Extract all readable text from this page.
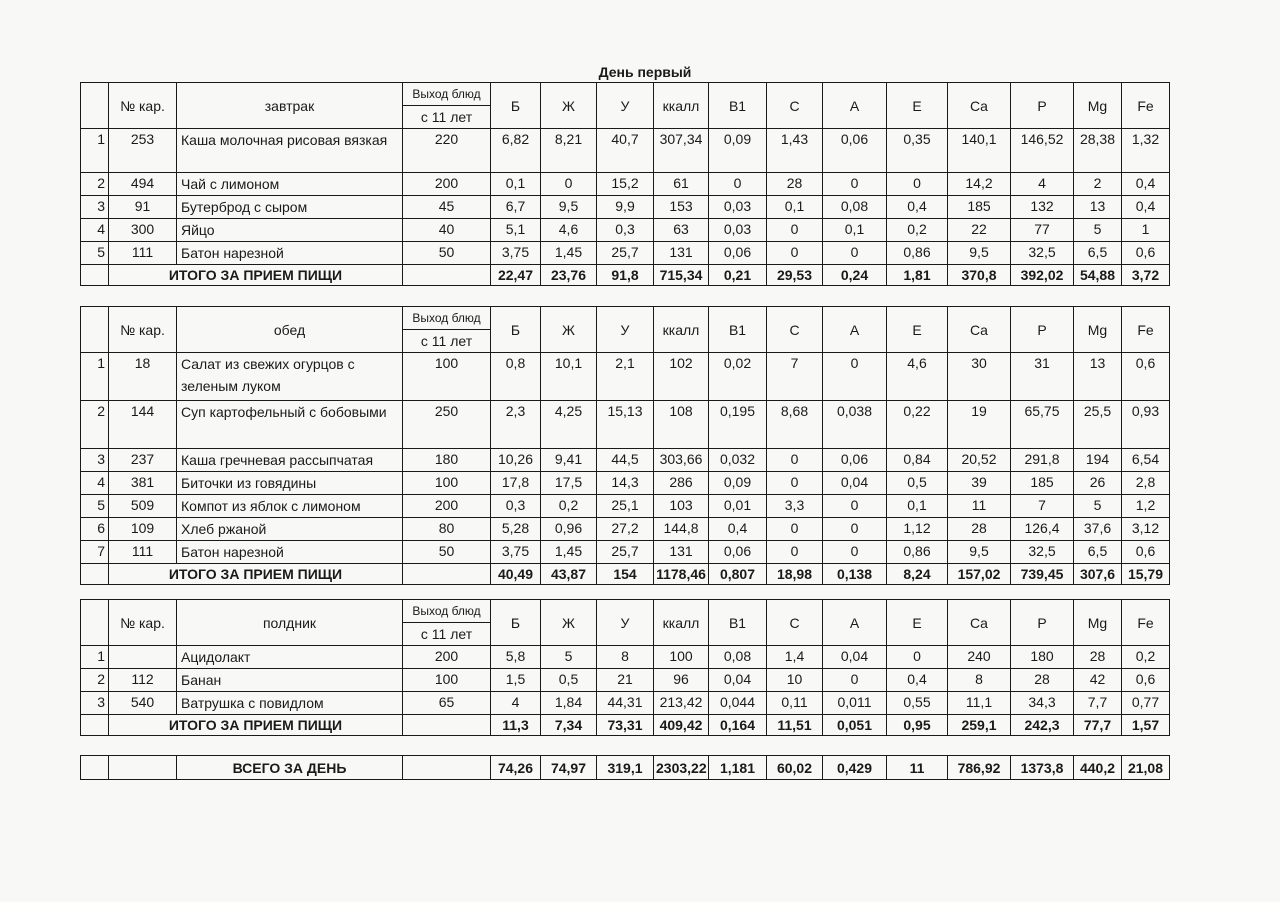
День первый
	№ кар.	завтрак	Выход блюд	Б	Ж	У	ккалл	B1	C	A	E	Ca	P	Mg	Fe
			с 11 лет												
1	253	Каша молочная рисовая вязкая	220	6,82	8,21	40,7	307,34	0,09	1,43	0,06	0,35	140,1	146,52	28,38	1,32
2	494	Чай с лимоном	200	0,1	0	15,2	61	0	28	0	0	14,2	4	2	0,4
3	91	Бутерброд с сыром	45	6,7	9,5	9,9	153	0,03	0,1	0,08	0,4	185	132	13	0,4
4	300	Яйцо	40	5,1	4,6	0,3	63	0,03	0	0,1	0,2	22	77	5	1
5	111	Батон нарезной	50	3,75	1,45	25,7	131	0,06	0	0	0,86	9,5	32,5	6,5	0,6
	ИТОГО ЗА ПРИЕМ ПИЩИ			22,47	23,76	91,8	715,34	0,21	29,53	0,24	1,81	370,8	392,02	54,88	3,72
	№ кар.	обед	Выход блюд	Б	Ж	У	ккалл	B1	C	A	E	Ca	P	Mg	Fe
			с 11 лет												
1	18	Салат из свежих огурцов с зеленым луком	100	0,8	10,1	2,1	102	0,02	7	0	4,6	30	31	13	0,6
2	144	Суп картофельный с бобовыми	250	2,3	4,25	15,13	108	0,195	8,68	0,038	0,22	19	65,75	25,5	0,93
3	237	Каша гречневая рассыпчатая	180	10,26	9,41	44,5	303,66	0,032	0	0,06	0,84	20,52	291,8	194	6,54
4	381	Биточки из говядины	100	17,8	17,5	14,3	286	0,09	0	0,04	0,5	39	185	26	2,8
5	509	Компот из яблок с лимоном	200	0,3	0,2	25,1	103	0,01	3,3	0	0,1	11	7	5	1,2
6	109	Хлеб ржаной	80	5,28	0,96	27,2	144,8	0,4	0	0	1,12	28	126,4	37,6	3,12
7	111	Батон нарезной	50	3,75	1,45	25,7	131	0,06	0	0	0,86	9,5	32,5	6,5	0,6
	ИТОГО ЗА ПРИЕМ ПИЩИ			40,49	43,87	154	1178,46	0,807	18,98	0,138	8,24	157,02	739,45	307,6	15,79
	№ кар.	полдник	Выход блюд	Б	Ж	У	ккалл	B1	C	A	E	Ca	P	Mg	Fe
			с 11 лет												
1		Ацидолакт	200	5,8	5	8	100	0,08	1,4	0,04	0	240	180	28	0,2
2	112	Банан	100	1,5	0,5	21	96	0,04	10	0	0,4	8	28	42	0,6
3	540	Ватрушка с повидлом	65	4	1,84	44,31	213,42	0,044	0,11	0,011	0,55	11,1	34,3	7,7	0,77
	ИТОГО ЗА ПРИЕМ ПИЩИ			11,3	7,34	73,31	409,42	0,164	11,51	0,051	0,95	259,1	242,3	77,7	1,57
		ВСЕГО ЗА ДЕНЬ		74,26	74,97	319,1	2303,22	1,181	60,02	0,429	11	786,92	1373,8	440,2	21,08
